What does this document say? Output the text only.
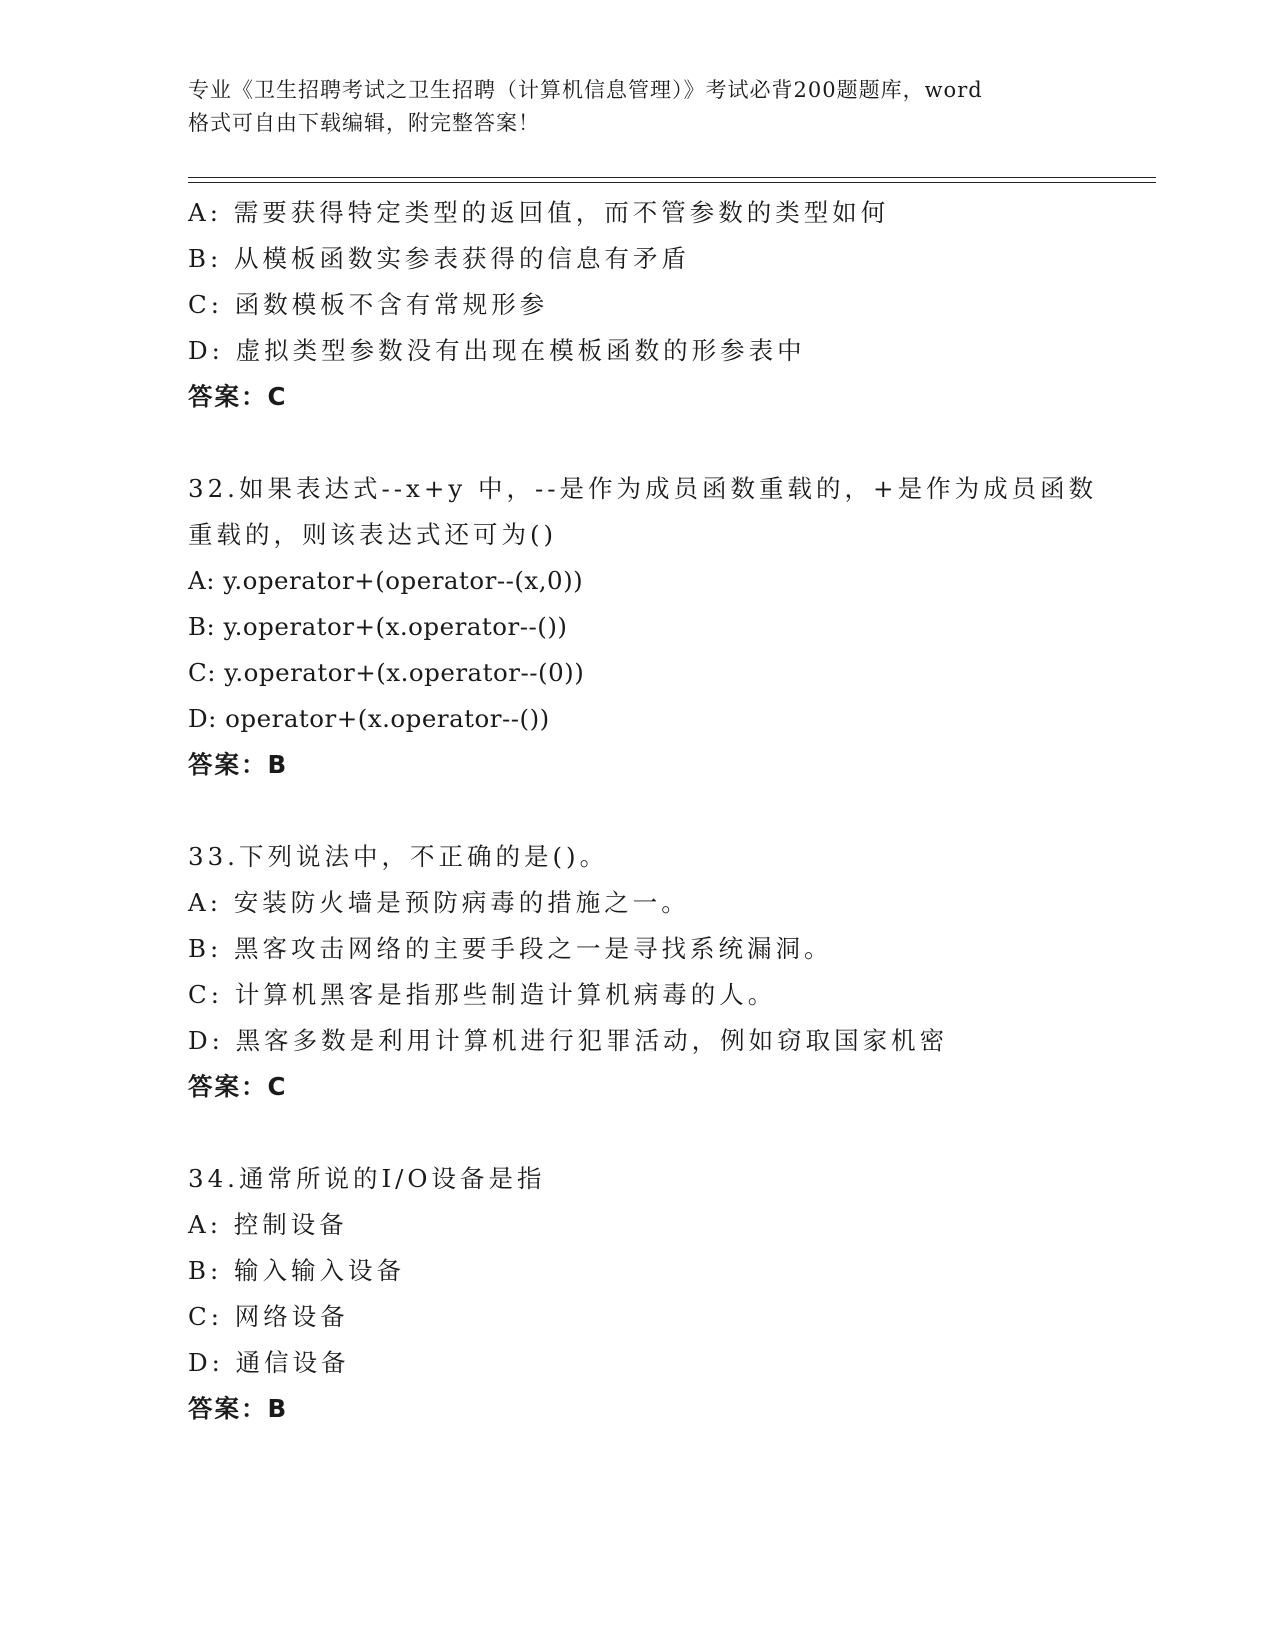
专业《卫生招聘考试之卫生招聘（计算机信息管理）》考试必背200题题库，word
格式可自由下载编辑，附完整答案！
A: 需要获得特定类型的返回值，而不管参数的类型如何
B: 从模板函数实参表获得的信息有矛盾
C: 函数模板不含有常规形参
D: 虚拟类型参数没有出现在模板函数的形参表中
答案：C
32.如果表达式--x+y 中，--是作为成员函数重载的，+是作为成员函数
重载的，则该表达式还可为()
A: y.operator+(operator--(x,0))
B: y.operator+(x.operator--())
C: y.operator+(x.operator--(0))
D: operator+(x.operator--())
答案：B
33.下列说法中，不正确的是()。
A: 安装防火墙是预防病毒的措施之一。
B: 黑客攻击网络的主要手段之一是寻找系统漏洞。
C: 计算机黑客是指那些制造计算机病毒的人。
D: 黑客多数是利用计算机进行犯罪活动，例如窃取国家机密
答案：C
34.通常所说的I/O设备是指
A: 控制设备
B: 输入输入设备
C: 网络设备
D: 通信设备
答案：B
